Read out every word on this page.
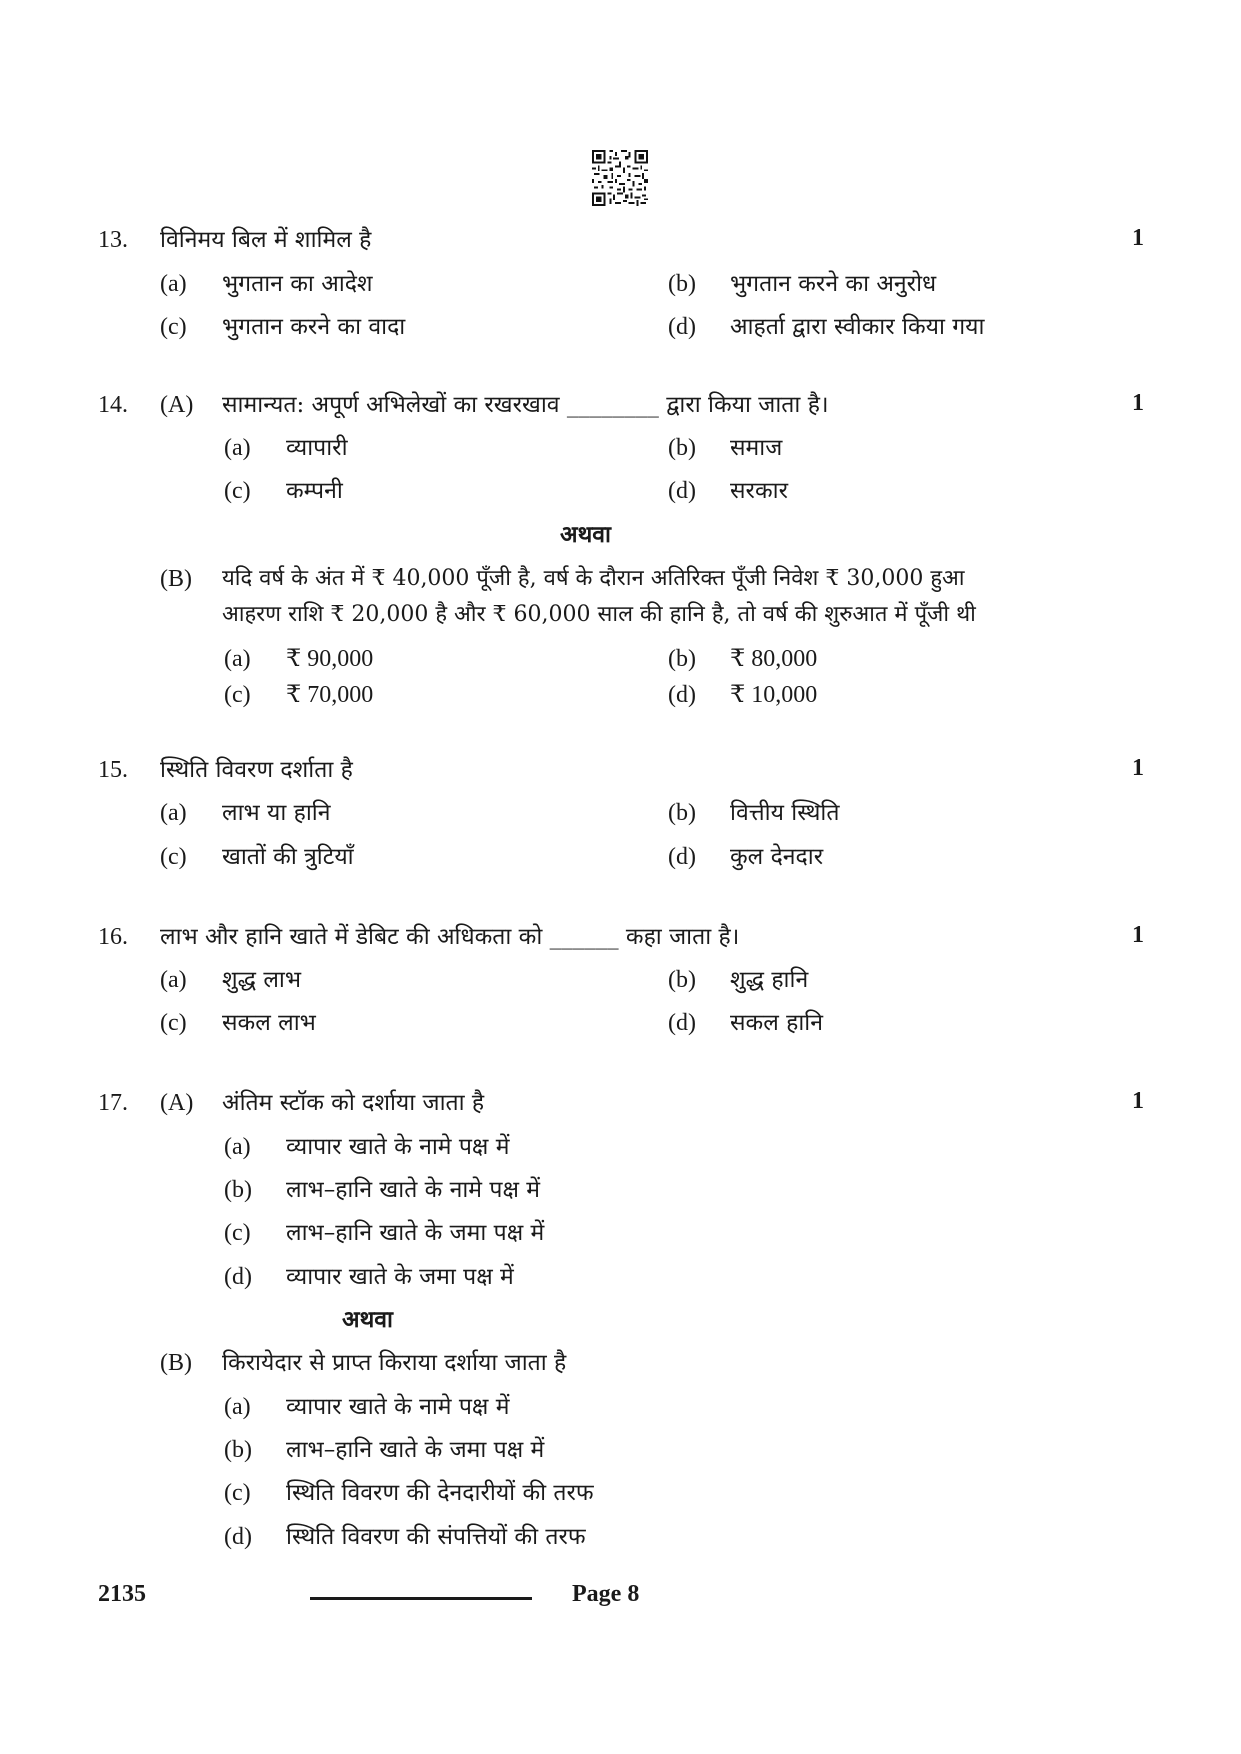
13. विनिमय बिल में शामिल है	1
(a) भुगतान का आदेश	(b) भुगतान करने का अनुरोध
(c) भुगतान करने का वादा	(d) आहर्ता द्वारा स्वीकार किया गया
14. (A) सामान्यत: अपूर्ण अभिलेखों का रखरखाव ________ द्वारा किया जाता है।	1
(a) व्यापारी	(b) समाज
(c) कम्पनी	(d) सरकार
अथवा
(B) यदि वर्ष के अंत में ₹ 40,000 पूँजी है, वर्ष के दौरान अतिरिक्त पूँजी निवेश ₹ 30,000 हुआ
आहरण राशि ₹ 20,000 है और ₹ 60,000 साल की हानि है, तो वर्ष की शुरुआत में पूँजी थी
(a) ₹ 90,000	(b) ₹ 80,000
(c) ₹ 70,000	(d) ₹ 10,000
15. स्थिति विवरण दर्शाता है	1
(a) लाभ या हानि	(b) वित्तीय स्थिति
(c) खातों की त्रुटियाँ	(d) कुल देनदार
16. लाभ और हानि खाते में डेबिट की अधिकता को ______ कहा जाता है।	1
(a) शुद्ध लाभ	(b) शुद्ध हानि
(c) सकल लाभ	(d) सकल हानि
17. (A) अंतिम स्टॉक को दर्शाया जाता है	1
(a) व्यापार खाते के नामे पक्ष में
(b) लाभ–हानि खाते के नामे पक्ष में
(c) लाभ–हानि खाते के जमा पक्ष में
(d) व्यापार खाते के जमा पक्ष में
अथवा
(B) किरायेदार से प्राप्त किराया दर्शाया जाता है
(a) व्यापार खाते के नामे पक्ष में
(b) लाभ–हानि खाते के जमा पक्ष में
(c) स्थिति विवरण की देनदारीयों की तरफ
(d) स्थिति विवरण की संपत्तियों की तरफ
2135	Page 8
